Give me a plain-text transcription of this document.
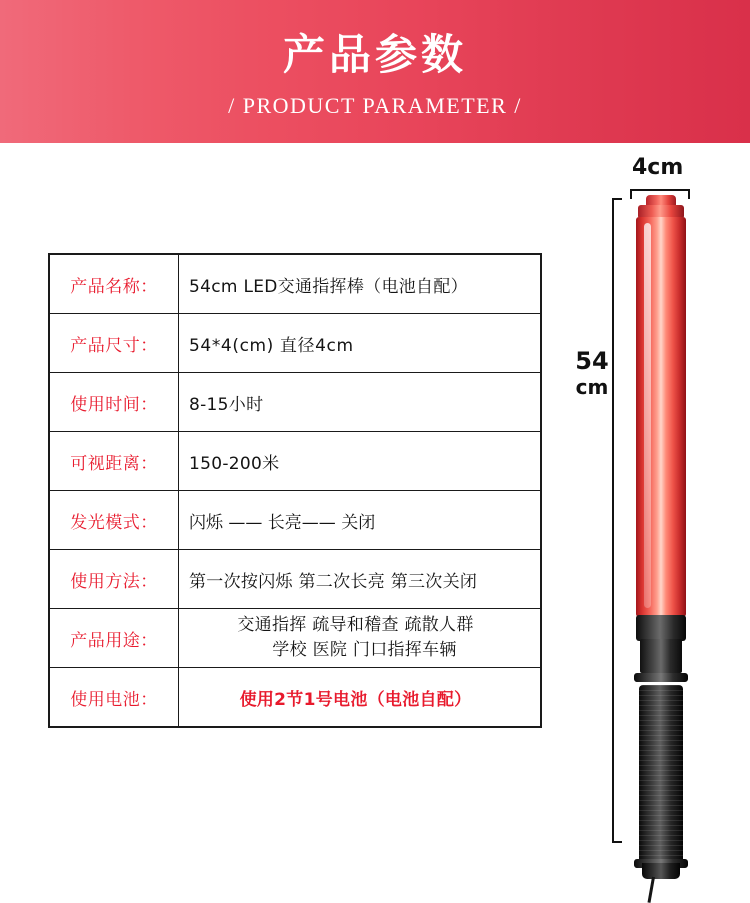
产品参数
/ PRODUCT PARAMETER /
产品名称：	54cm LED交通指挥棒（电池自配）
产品尺寸：	54*4(cm) 直径4cm
使用时间：	8-15小时
可视距离：	150-200米
发光模式：	闪烁 —— 长亮—— 关闭
使用方法：	第一次按闪烁 第二次长亮 第三次关闭
产品用途：	交通指挥 疏导和稽查 疏散人群
学校 医院 门口指挥车辆

使用电池：	使用2节1号电池（电池自配）
4cm
54
cm
